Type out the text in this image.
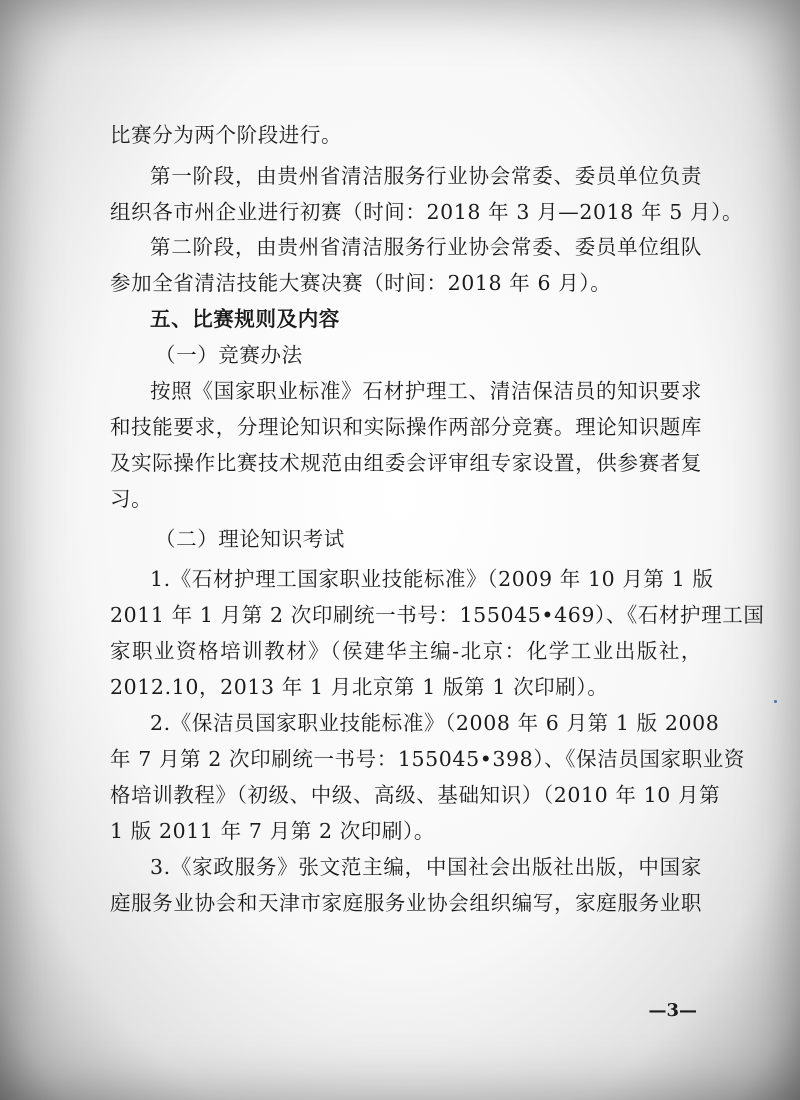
比赛分为两个阶段进行。
第一阶段，由贵州省清洁服务行业协会常委、委员单位负责
组织各市州企业进行初赛（时间：2018 年 3 月—2018 年 5 月）。
第二阶段，由贵州省清洁服务行业协会常委、委员单位组队
参加全省清洁技能大赛决赛（时间：2018 年 6 月）。
五、比赛规则及内容
（一）竞赛办法
按照《国家职业标准》石材护理工、清洁保洁员的知识要求
和技能要求，分理论知识和实际操作两部分竞赛。理论知识题库
及实际操作比赛技术规范由组委会评审组专家设置，供参赛者复
习。
（二）理论知识考试
1.《石材护理工国家职业技能标准》（2009 年 10 月第 1 版
2011 年 1 月第 2 次印刷统一书号：155045•469）、《石材护理工国
家职业资格培训教材》（侯建华主编-北京：化学工业出版社，
2012.10，2013 年 1 月北京第 1 版第 1 次印刷）。
2.《保洁员国家职业技能标准》（2008 年 6 月第 1 版 2008
年 7 月第 2 次印刷统一书号：155045•398）、《保洁员国家职业资
格培训教程》（初级、中级、高级、基础知识）（2010 年 10 月第
1 版 2011 年 7 月第 2 次印刷）。
3.《家政服务》张文范主编，中国社会出版社出版，中国家
庭服务业协会和天津市家庭服务业协会组织编写，家庭服务业职
—3—
